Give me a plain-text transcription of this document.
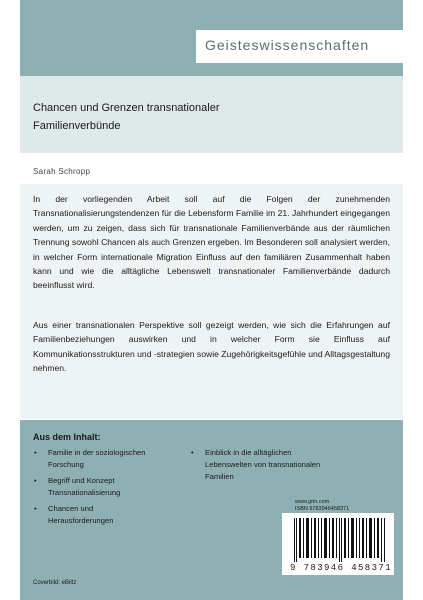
Geisteswissenschaften
Chancen und Grenzen transnationaler
Familienverbünde
Sarah Schropp
In der vorliegenden Arbeit soll auf die Folgen der zunehmenden Transnationalisierungstendenzen für die Lebensform Familie im 21. Jahrhundert eingegangen werden, um zu zeigen, dass sich für transnationale Familienverbände aus der räumlichen Trennung sowohl Chancen als auch Grenzen ergeben. Im Besonderen soll analysiert werden, in welcher Form internationale Migration Einfluss auf den familiären Zusammenhalt haben kann und wie die alltägliche Lebenswelt transnationaler Familienverbände dadurch beeinflusst wird.
Aus einer transnationalen Perspektive soll gezeigt werden, wie sich die Erfahrungen auf Familienbeziehungen auswirken und in welcher Form sie Einfluss auf Kommunikationsstrukturen und -strategien sowie Zugehörigkeitsgefühle und Alltagsgestaltung nehmen.
Aus dem Inhalt:
• Familie in der soziologischen Forschung
• Begriff und Konzept Transnationalisierung
• Chancen und Herausforderungen
• Einblick in die alltäglichen Lebenswelten von transnationalen Familien
www.grin.com
ISBN 9783946458371
9 783946 458371
Coverbild: eBiltz
